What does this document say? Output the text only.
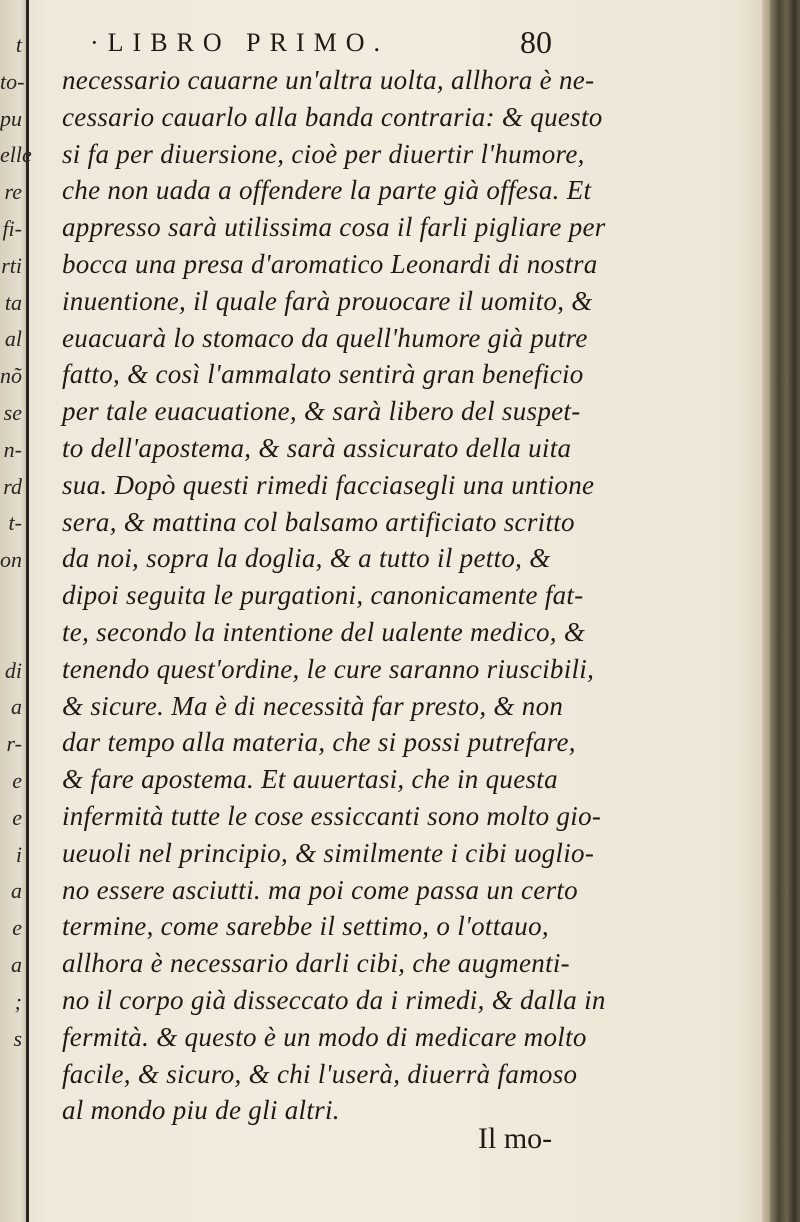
t
to-
pu
elle
re
fi-
rti
ta
al
nõ
se
n-
rd
t-
on
di
a
r-
e
e
i
a
e
a
;
s
·LIBRO PRIMO.	80
necessario cauarne un'altra uolta, allhora è ne-
cessario cauarlo alla banda contraria: & questo
si fa per diuersione, cioè per diuertir l'humore,
che non uada a offendere la parte già offesa. Et
appresso sarà utilissima cosa il farli pigliare per
bocca una presa d'aromatico Leonardi di nostra
inuentione, il quale farà prouocare il uomito, &
euacuarà lo stomaco da quell'humore già putre
fatto, & così l'ammalato sentirà gran beneficio
per tale euacuatione, & sarà libero del suspet-
to dell'apostema, & sarà assicurato della uita
sua. Dopò questi rimedi facciasegli una untione
sera, & mattina col balsamo artificiato scritto
da noi, sopra la doglia, & a tutto il petto, &
dipoi seguita le purgationi, canonicamente fat-
te, secondo la intentione del ualente medico, &
tenendo quest'ordine, le cure saranno riuscibili,
& sicure. Ma è di necessità far presto, & non
dar tempo alla materia, che si possi putrefare,
& fare apostema. Et auuertasi, che in questa
infermità tutte le cose essiccanti sono molto gio-
ueuoli nel principio, & similmente i cibi uoglio-
no essere asciutti. ma poi come passa un certo
termine, come sarebbe il settimo, o l'ottauo,
allhora è necessario darli cibi, che augmenti-
no il corpo già disseccato da i rimedi, & dalla in
fermità. & questo è un modo di medicare molto
facile, & sicuro, & chi l'userà, diuerrà famoso
al mondo piu de gli altri.
Il mo-
